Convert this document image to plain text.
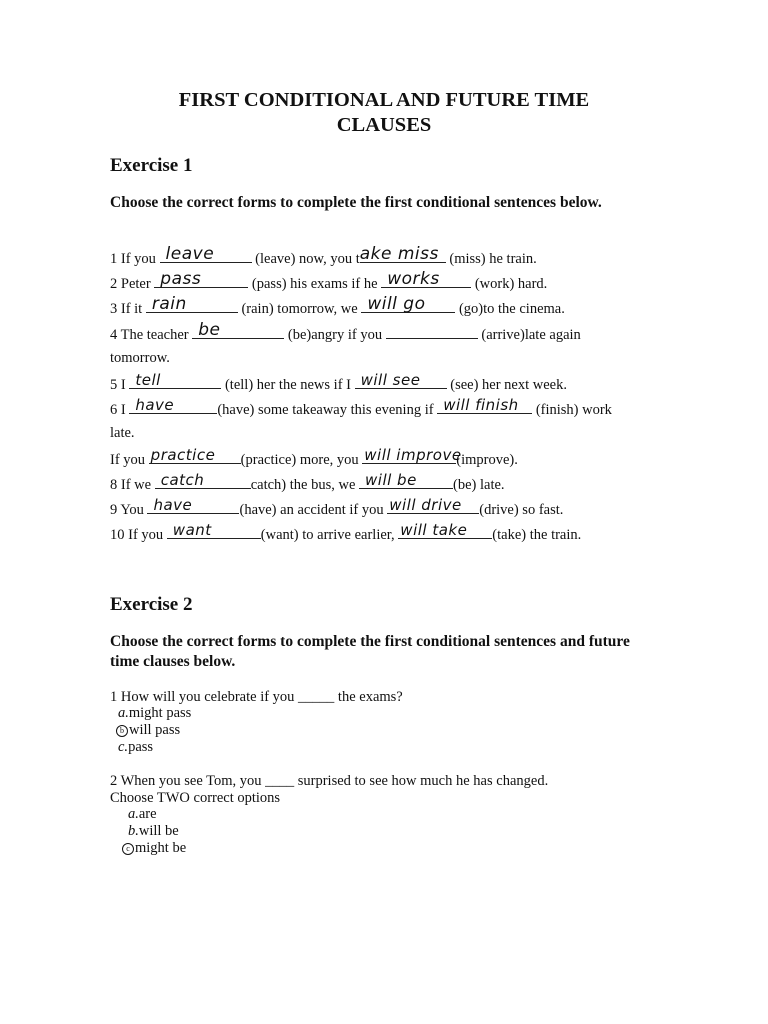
FIRST CONDITIONAL AND FUTURE TIME
CLAUSES
Exercise 1
Choose the correct forms to complete the first conditional sentences below.
1 If you leave	(leave) now, you t ake miss (miss) he train.
2 Peter pass	(pass) his exams if he works (work) hard.
3 If it rain	(rain) tomorrow, we will go (go)to the cinema.
4 The teacher be	(be)angry if you	(arrive)late again
tomorrow.
5 I tell	(tell) her the news if I will see (see) her next week.
6 I have	(have) some takeaway this evening if will finish (finish) work
late.
If you practice (practice) more, you will improve
(improve).
8 If we catch	catch) the bus, we will be (be) late.
9 You have	(have) an accident if you will drive (drive) so fast.
10 If you want	(want) to arrive earlier, will take (take) the train.
Exercise 2
Choose the correct forms to complete the first conditional sentences and future time clauses below.
1 How will you celebrate if you _____ the exams?
a.might pass
b will pass
c.pass
2 When you see Tom, you ____ surprised to see how much he has changed.
Choose TWO correct options
a.are
b.will be
c might be
